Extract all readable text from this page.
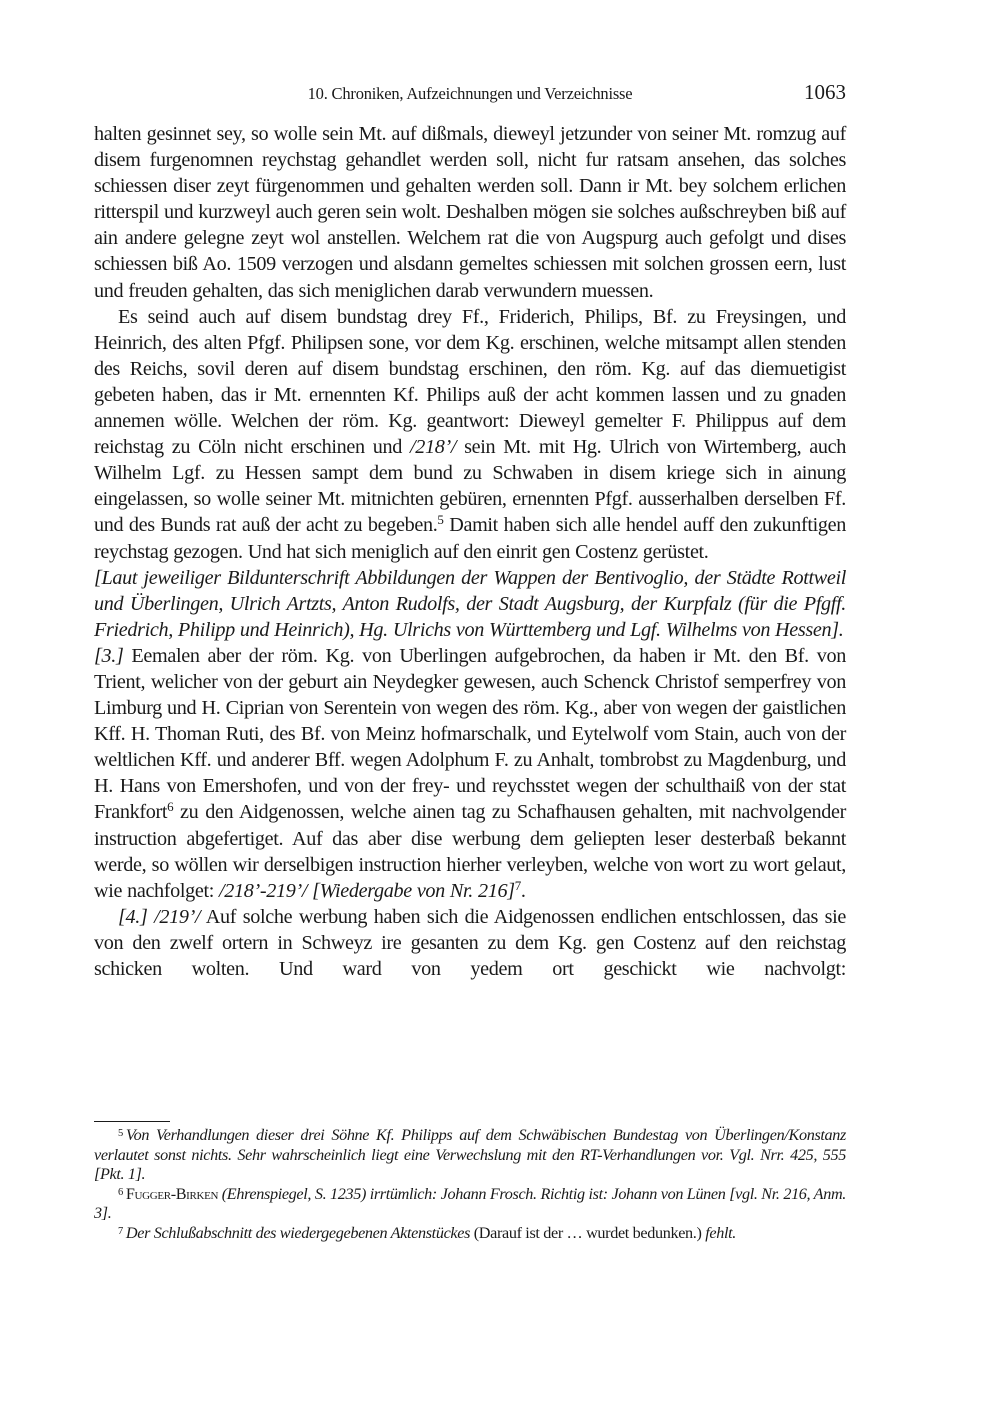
10. Chroniken, Aufzeichnungen und Verzeichnisse	1063

halten gesinnet sey, so wolle sein Mt. auf dißmals, dieweyl jetzunder von seiner Mt. romzug auf disem furgenomnen reychstag gehandlet werden soll, nicht fur ratsam ansehen, das solches schiessen diser zeyt fürgenommen und gehalten werden soll. Dann ir Mt. bey solchem erlichen ritterspil und kurzweyl auch geren sein wolt. Deshalben mögen sie solches außschreyben biß auf ain andere gelegne zeyt wol anstellen. Welchem rat die von Augspurg auch gefolgt und dises schiessen biß Ao. 1509 verzogen und alsdann gemeltes schiessen mit solchen grossen eern, lust und freuden gehalten, das sich meniglichen darab verwundern muessen.

Es seind auch auf disem bundstag drey Ff., Friderich, Philips, Bf. zu Freysingen, und Heinrich, des alten Pfgf. Philipsen sone, vor dem Kg. erschinen, welche mitsampt allen stenden des Reichs, sovil deren auf disem bundstag erschinen, den röm. Kg. auf das diemuetigist gebeten haben, das ir Mt. ernennten Kf. Philips auß der acht kommen lassen und zu gnaden annemen wölle. Welchen der röm. Kg. geantwort: Dieweyl gemelter F. Philippus auf dem reichstag zu Cöln nicht erschinen und /218’/ sein Mt. mit Hg. Ulrich von Wirtemberg, auch Wilhelm Lgf. zu Hessen sampt dem bund zu Schwaben in disem kriege sich in ainung eingelassen, so wolle seiner Mt. mitnichten gebüren, ernennten Pfgf. ausserhalben derselben Ff. und des Bunds rat auß der acht zu begeben.$^5$ Damit haben sich alle hendel auff den zukunftigen reychstag gezogen. Und hat sich meniglich auf den einrit gen Costenz gerüstet.

[Laut jeweiliger Bildunterschrift Abbildungen der Wappen der Bentivoglio, der Städte Rottweil und Überlingen, Ulrich Artzts, Anton Rudolfs, der Stadt Augsburg, der Kurpfalz (für die Pfgff. Friedrich, Philipp und Heinrich), Hg. Ulrichs von Württemberg und Lgf. Wilhelms von Hessen].

[3.] Eemalen aber der röm. Kg. von Uberlingen aufgebrochen, da haben ir Mt. den Bf. von Trient, welicher von der geburt ain Neydegker gewesen, auch Schenck Christof semperfrey von Limburg und H. Ciprian von Serentein von wegen des röm. Kg., aber von wegen der gaistlichen Kff. H. Thoman Ruti, des Bf. von Meinz hofmarschalk, und Eytelwolf vom Stain, auch von der weltlichen Kff. und anderer Bff. wegen Adolphum F. zu Anhalt, tombrobst zu Magdenburg, und H. Hans von Emershofen, und von der frey- und reychsstet wegen der schulthaiß von der stat Frankfort$^6$ zu den Aidgenossen, welche ainen tag zu Schafhausen gehalten, mit nachvolgender instruction abgefertiget. Auf das aber dise werbung dem geliepten leser desterbaß bekannt werde, so wöllen wir derselbigen instruction hierher verleyben, welche von wort zu wort gelaut, wie nachfolget: /218’-219’/ [Wiedergabe von Nr. 216]$^7$.

[4.] /219’/ Auf solche werbung haben sich die Aidgenossen endlichen entschlossen, das sie von den zwelf ortern in Schweyz ire gesanten zu dem Kg. gen Costenz auf den reichstag schicken wolten. Und ward von yedem ort geschickt wie nachvolgt:

$^5$ Von Verhandlungen dieser drei Söhne Kf. Philipps auf dem Schwäbischen Bundestag von Überlingen/Konstanz verlautet sonst nichts. Sehr wahrscheinlich liegt eine Verwechslung mit den RT-Verhandlungen vor. Vgl. Nrr. 425, 555 [Pkt. 1].

$^6$ Fugger-Birken (Ehrenspiegel, S. 1235) irrtümlich: Johann Frosch. Richtig ist: Johann von Lünen [vgl. Nr. 216, Anm. 3].

$^7$ Der Schlußabschnitt des wiedergegebenen Aktenstückes (Darauf ist der … wurdet bedunken.) fehlt.
